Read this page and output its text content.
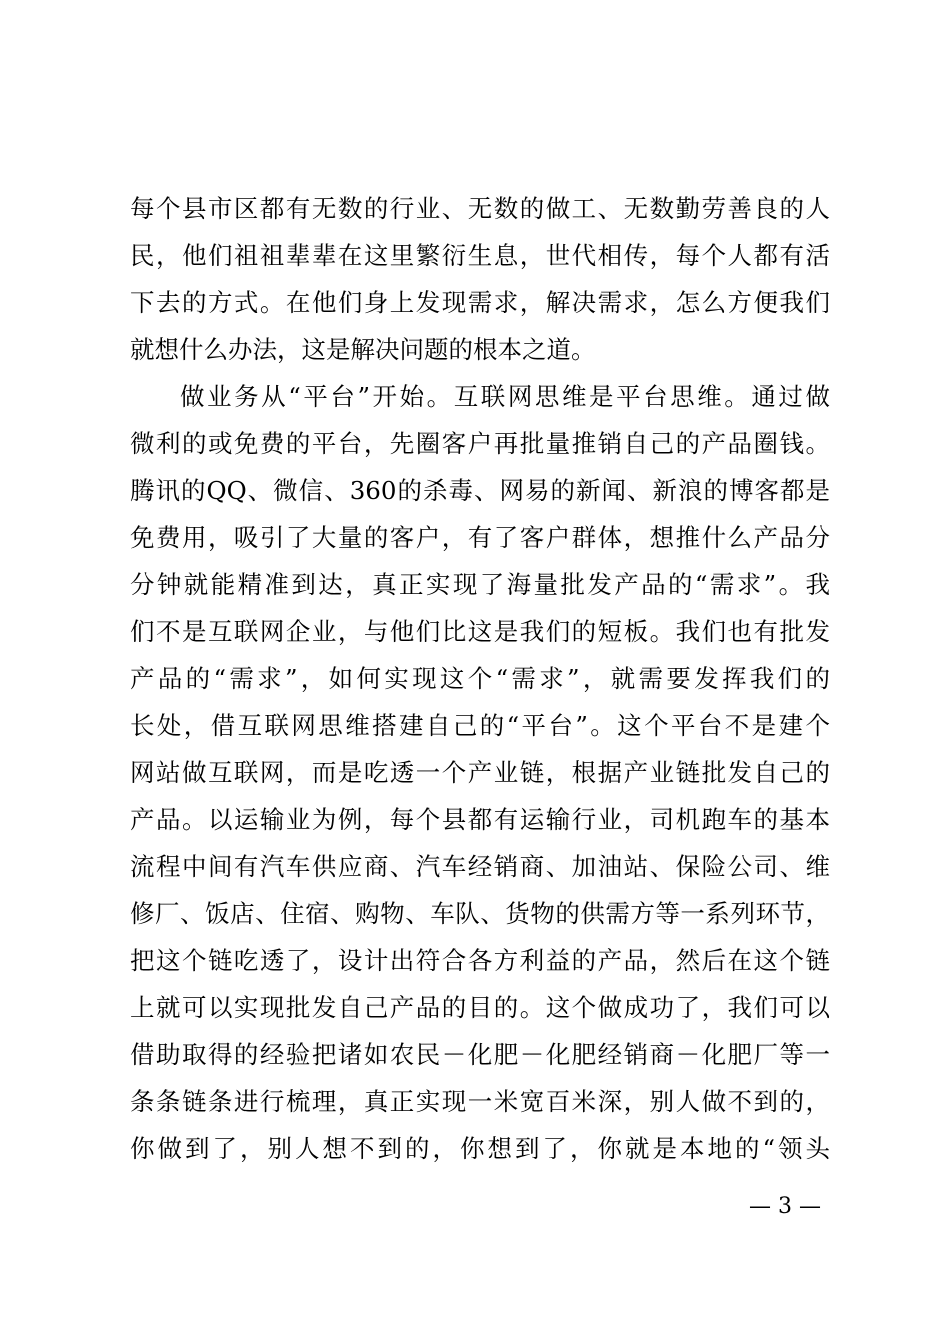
每个县市区都有无数的行业、无数的做工、无数勤劳善良的人
民，他们祖祖辈辈在这里繁衍生息，世代相传，每个人都有活
下去的方式。在他们身上发现需求，解决需求，怎么方便我们
就想什么办法，这是解决问题的根本之道。
做业务从“平台”开始。互联网思维是平台思维。通过做
微利的或免费的平台，先圈客户再批量推销自己的产品圈钱。
腾讯的QQ、微信、360的杀毒、网易的新闻、新浪的博客都是
免费用，吸引了大量的客户，有了客户群体，想推什么产品分
分钟就能精准到达，真正实现了海量批发产品的“需求”。我
们不是互联网企业，与他们比这是我们的短板。我们也有批发
产品的“需求”，如何实现这个“需求”，就需要发挥我们的
长处，借互联网思维搭建自己的“平台”。这个平台不是建个
网站做互联网，而是吃透一个产业链，根据产业链批发自己的
产品。以运输业为例，每个县都有运输行业，司机跑车的基本
流程中间有汽车供应商、汽车经销商、加油站、保险公司、维
修厂、饭店、住宿、购物、车队、货物的供需方等一系列环节，
把这个链吃透了，设计出符合各方利益的产品，然后在这个链
上就可以实现批发自己产品的目的。这个做成功了，我们可以
借助取得的经验把诸如农民－化肥－化肥经销商－化肥厂等一
条条链条进行梳理，真正实现一米宽百米深，别人做不到的，
你做到了，别人想不到的，你想到了，你就是本地的“领头
— 3 —
